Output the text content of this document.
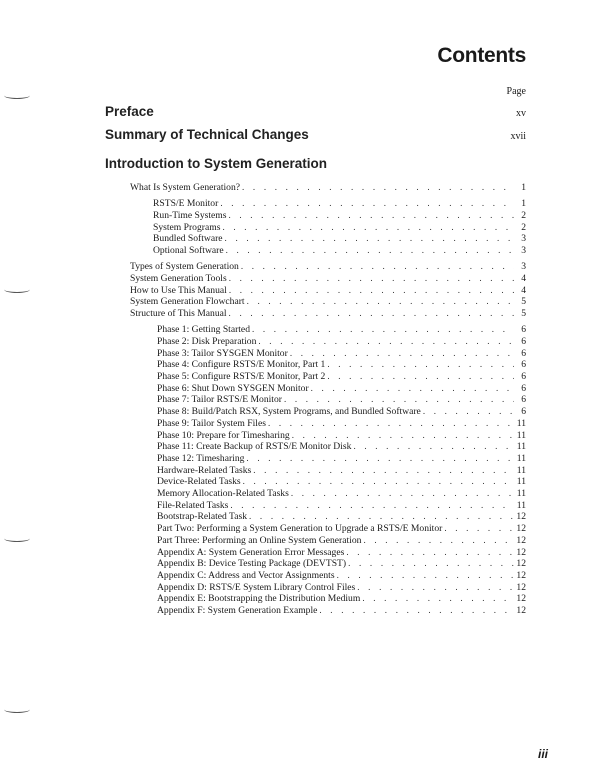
Contents
Page
Preface	xv
Summary of Technical Changes	xvii
Introduction to System Generation
What Is System Generation? . . .	1
RSTS/E Monitor . . .	1
Run-Time Systems . . .	2
System Programs . . .	2
Bundled Software . . .	3
Optional Software . . .	3
Types of System Generation . . .	3
System Generation Tools . . .	4
How to Use This Manual . . .	4
System Generation Flowchart . . .	5
Structure of This Manual . . .	5
Phase 1: Getting Started . . .	6
Phase 2: Disk Preparation . . .	6
Phase 3: Tailor SYSGEN Monitor . . .	6
Phase 4: Configure RSTS/E Monitor, Part 1 . . .	6
Phase 5: Configure RSTS/E Monitor, Part 2 . . .	6
Phase 6: Shut Down SYSGEN Monitor . . .	6
Phase 7: Tailor RSTS/E Monitor . . .	6
Phase 8: Build/Patch RSX, System Programs, and Bundled Software . . .	6
Phase 9: Tailor System Files . . .	11
Phase 10: Prepare for Timesharing . . .	11
Phase 11: Create Backup of RSTS/E Monitor Disk . . .	11
Phase 12: Timesharing . . .	11
Hardware-Related Tasks . . .	11
Device-Related Tasks . . .	11
Memory Allocation-Related Tasks . . .	11
File-Related Tasks . . .	11
Bootstrap-Related Task . . .	12
Part Two: Performing a System Generation to Upgrade a RSTS/E Monitor . . .	12
Part Three: Performing an Online System Generation . . .	12
Appendix A: System Generation Error Messages . . .	12
Appendix B: Device Testing Package (DEVTST) . . .	12
Appendix C: Address and Vector Assignments . . .	12
Appendix D: RSTS/E System Library Control Files . . .	12
Appendix E: Bootstrapping the Distribution Medium . . .	12
Appendix F: System Generation Example . . .	12
iii
